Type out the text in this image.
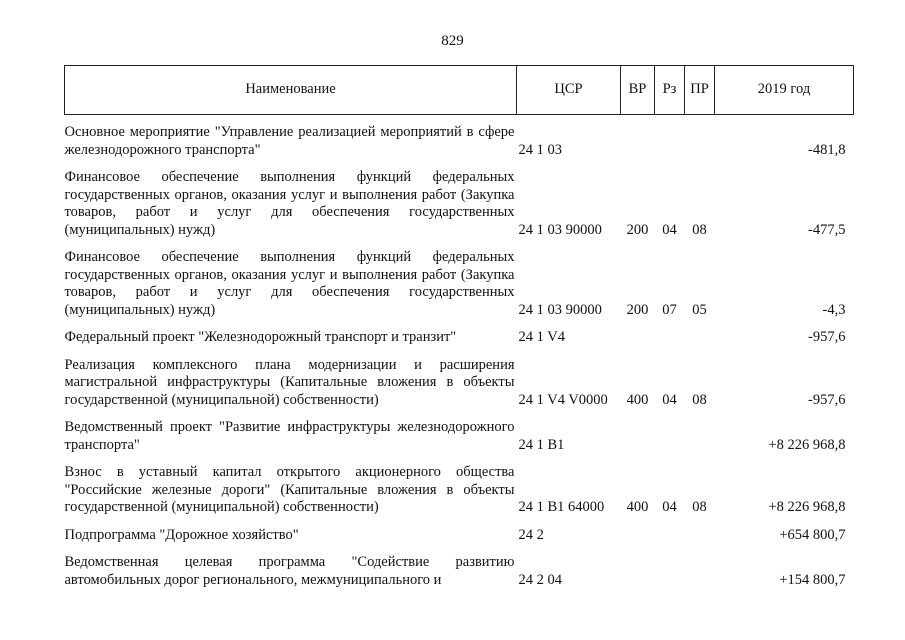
829
Наименование	ЦСР	ВР	Рз	ПР	2019 год
Основное мероприятие "Управление реализацией мероприятий в сфере железнодорожного транспорта"	24 1 03				-481,8
Финансовое обеспечение выполнения функций федеральных государственных органов, оказания услуг и выполнения работ (Закупка товаров, работ и услуг для обеспечения государственных (муниципальных) нужд)	24 1 03 90000	200	04	08	-477,5
Финансовое обеспечение выполнения функций федеральных государственных органов, оказания услуг и выполнения работ (Закупка товаров, работ и услуг для обеспечения государственных (муниципальных) нужд)	24 1 03 90000	200	07	05	-4,3
Федеральный проект "Железнодорожный транспорт и транзит"	24 1 V4				-957,6
Реализация комплексного плана модернизации и расширения магистральной инфраструктуры (Капитальные вложения в объекты государственной (муниципальной) собственности)	24 1 V4 V0000	400	04	08	-957,6
Ведомственный проект "Развитие инфраструктуры железнодорожного транспорта"	24 1 B1				+8 226 968,8
Взнос в уставный капитал открытого акционерного общества "Российские железные дороги" (Капитальные вложения в объекты государственной (муниципальной) собственности)	24 1 B1 64000	400	04	08	+8 226 968,8
Подпрограмма "Дорожное хозяйство"	24 2				+654 800,7
Ведомственная целевая программа "Содействие развитию автомобильных дорог регионального, межмуниципального и	24 2 04				+154 800,7
